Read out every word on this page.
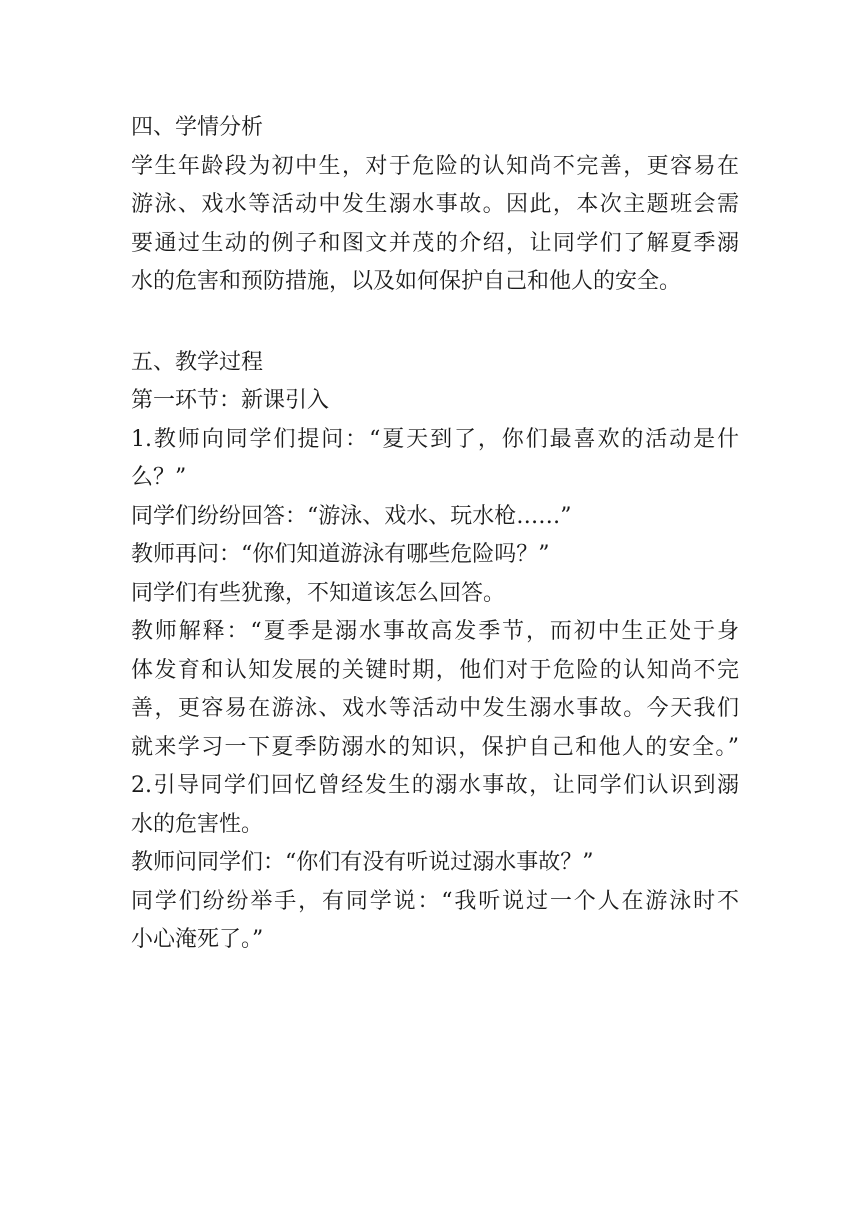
四、学情分析
学生年龄段为初中生，对于危险的认知尚不完善，更容易在
游泳、戏水等活动中发生溺水事故。因此，本次主题班会需
要通过生动的例子和图文并茂的介绍，让同学们了解夏季溺
水的危害和预防措施，以及如何保护自己和他人的安全。
五、教学过程
第一环节：新课引入
1.教师向同学们提问：“夏天到了，你们最喜欢的活动是什
么？”
同学们纷纷回答：“游泳、戏水、玩水枪……”
教师再问：“你们知道游泳有哪些危险吗？”
同学们有些犹豫，不知道该怎么回答。
教师解释：“夏季是溺水事故高发季节，而初中生正处于身
体发育和认知发展的关键时期，他们对于危险的认知尚不完
善，更容易在游泳、戏水等活动中发生溺水事故。今天我们
就来学习一下夏季防溺水的知识，保护自己和他人的安全。”
2.引导同学们回忆曾经发生的溺水事故，让同学们认识到溺
水的危害性。
教师问同学们：“你们有没有听说过溺水事故？”
同学们纷纷举手，有同学说：“我听说过一个人在游泳时不
小心淹死了。”
